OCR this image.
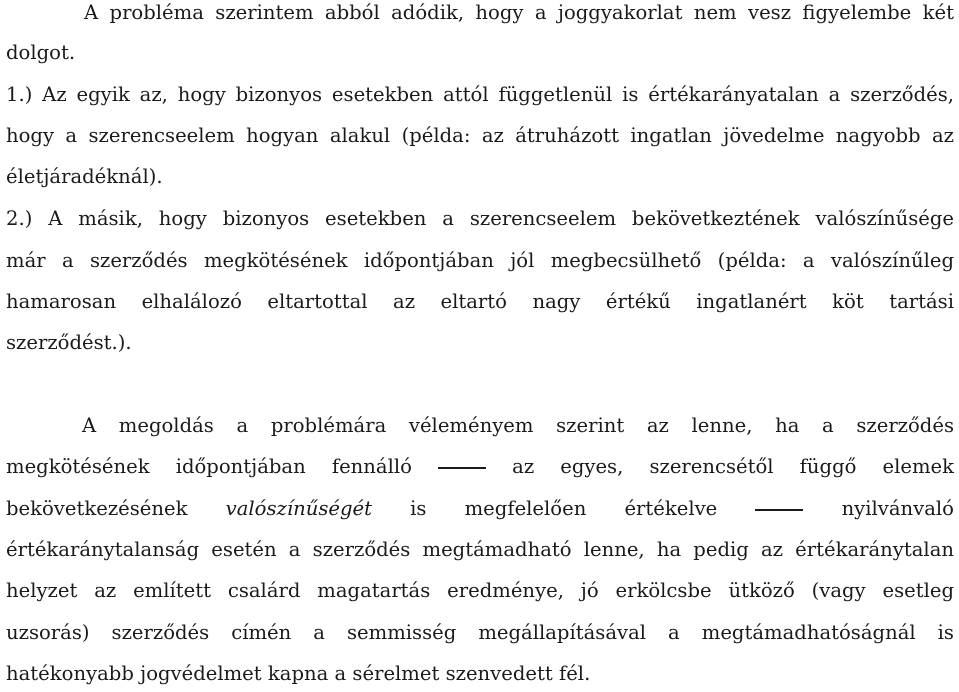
A probléma szerintem abból adódik, hogy a joggyakorlat nem vesz figyelembe két
dolgot.
1.) Az egyik az, hogy bizonyos esetekben attól függetlenül is értékarányatalan a szerződés,
hogy a szerencseelem hogyan alakul (példa: az átruházott ingatlan jövedelme nagyobb az
életjáradéknál).
2.) A másik, hogy bizonyos esetekben a szerencseelem bekövetkeztének valószínűsége
már a szerződés megkötésének időpontjában jól megbecsülhető (példa: a valószínűleg
hamarosan elhalálozó eltartottal az eltartó nagy értékű ingatlanért köt tartási
szerződést.).
A megoldás a problémára véleményem szerint az lenne, ha a szerződés
megkötésének időpontjában fennálló	az egyes, szerencsétől függő elemek
bekövetkezésének valószínűségét is megfelelően értékelve	nyilvánvaló
értékaránytalanság esetén a szerződés megtámadható lenne, ha pedig az értékaránytalan
helyzet az említett csalárd magatartás eredménye, jó erkölcsbe ütköző (vagy esetleg
uzsorás) szerződés címén a semmisség megállapításával a megtámadhatóságnál is
hatékonyabb jogvédelmet kapna a sérelmet szenvedett fél.
